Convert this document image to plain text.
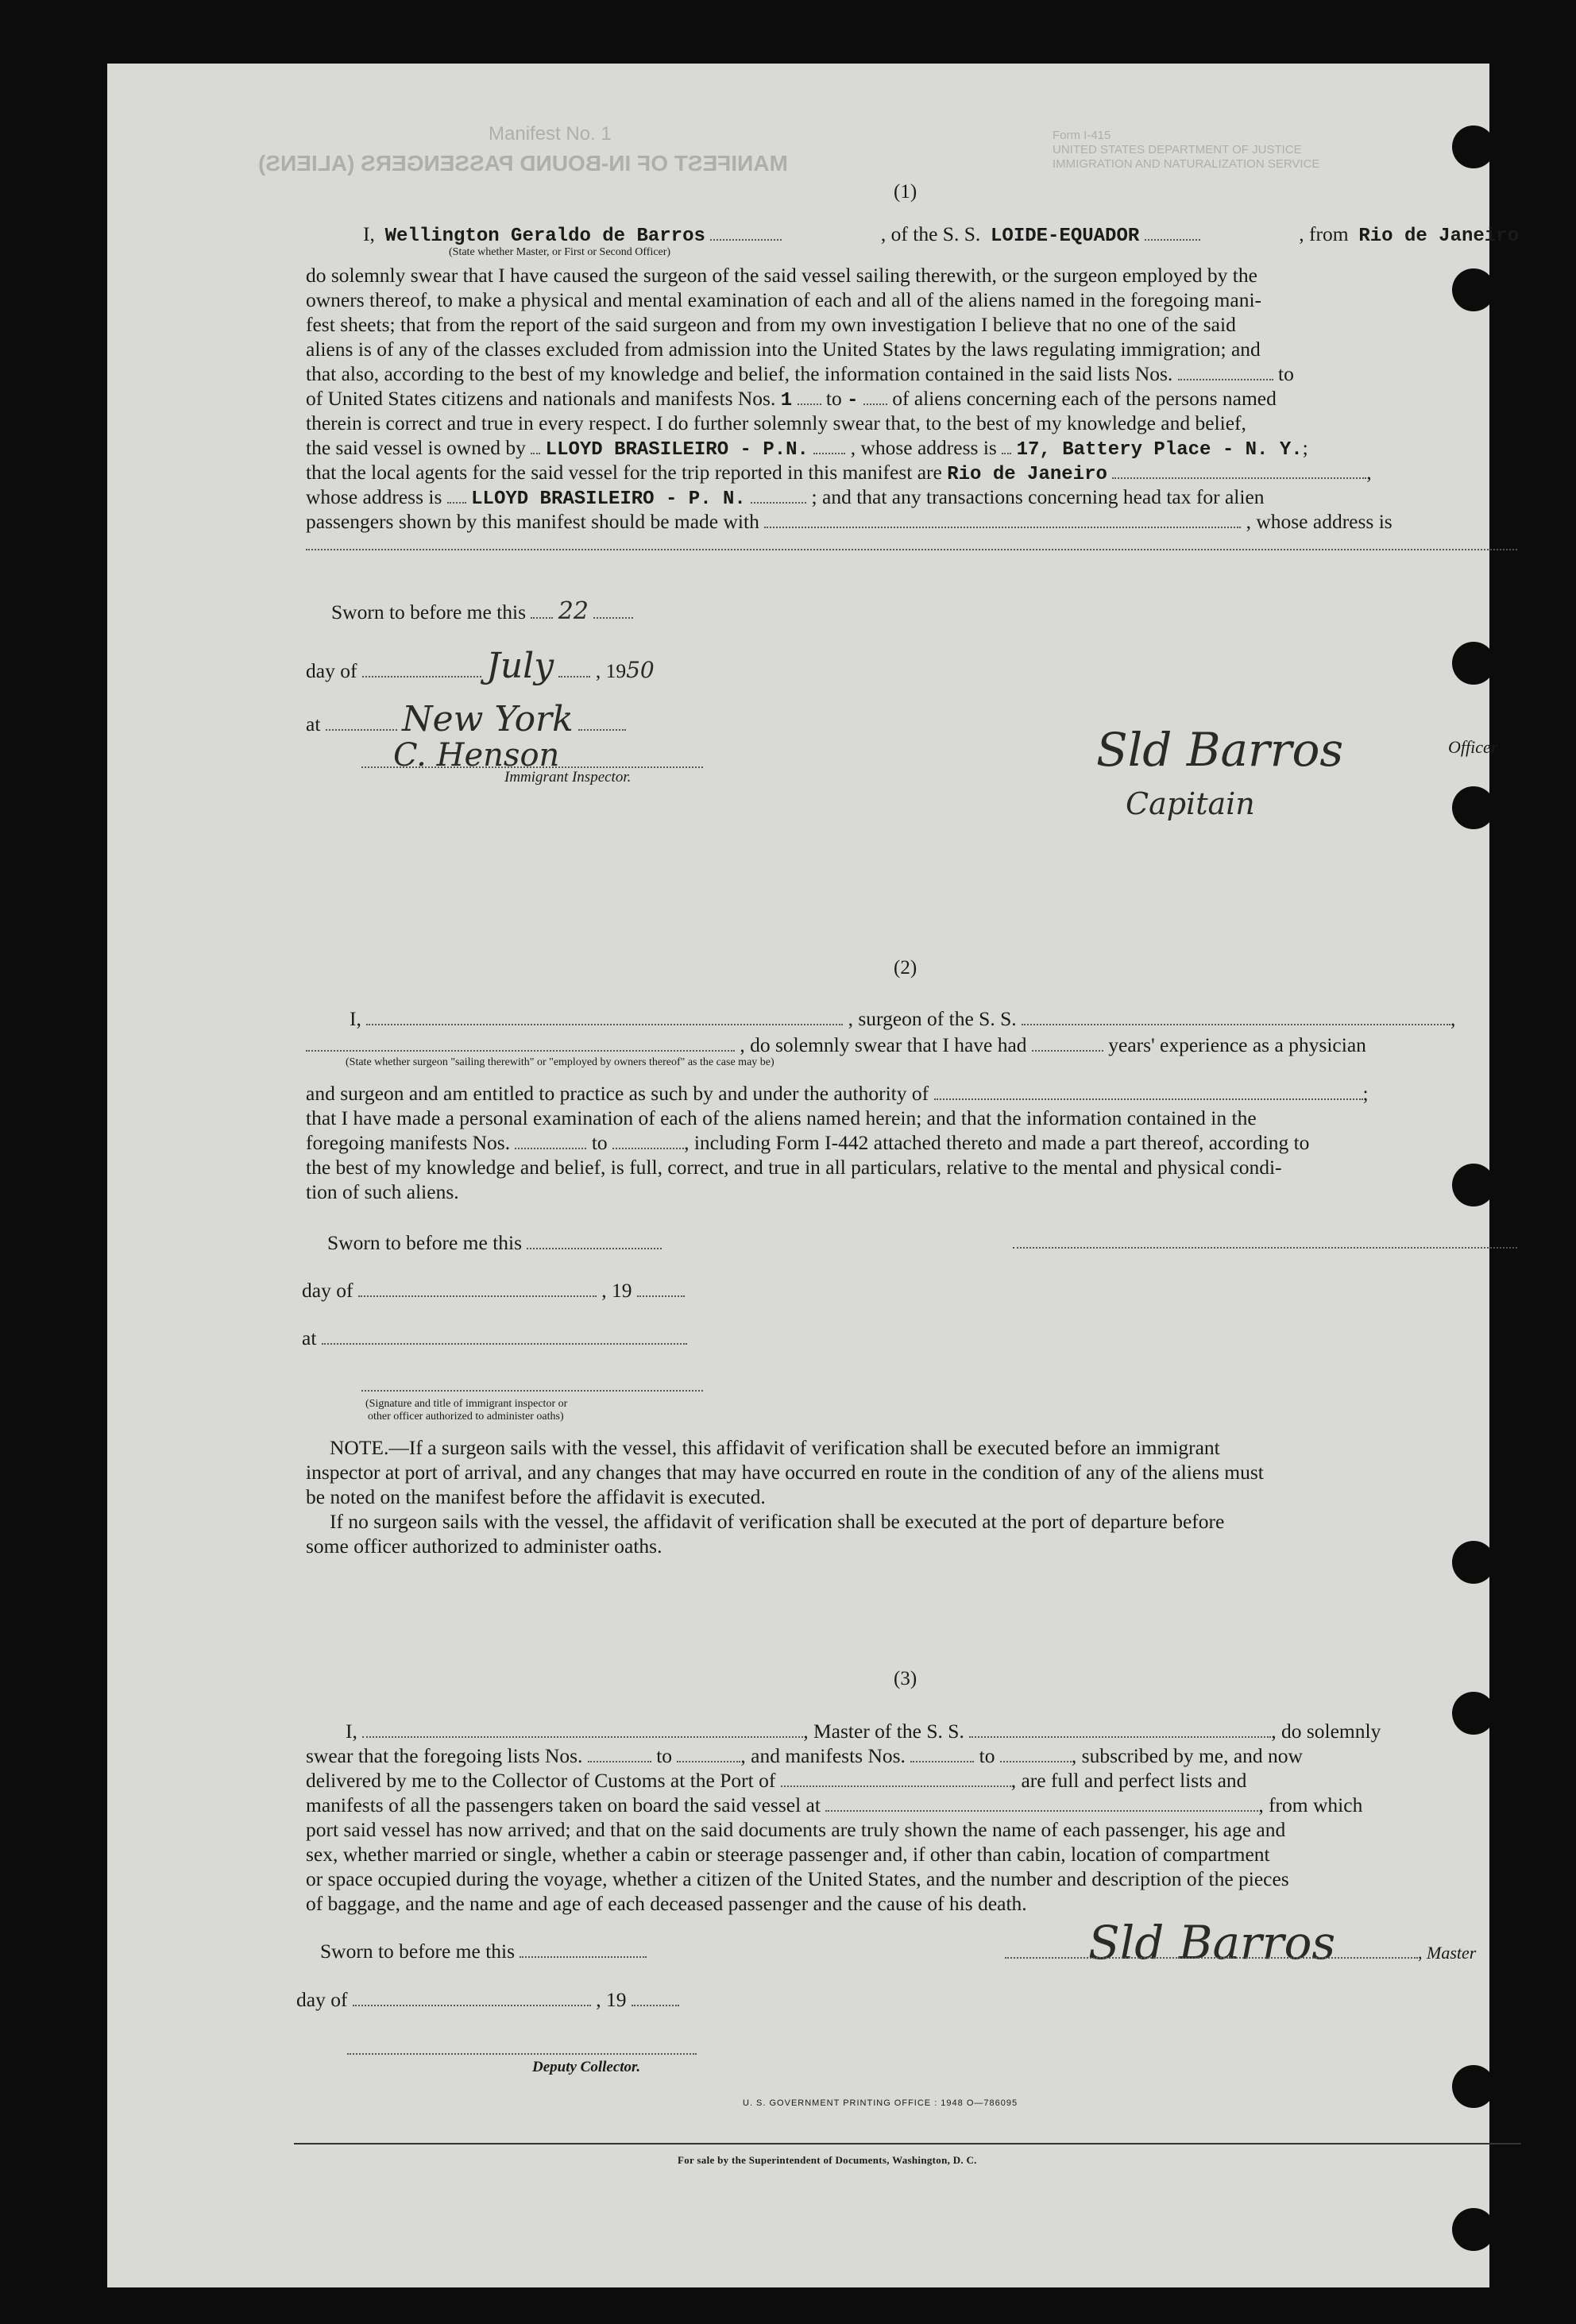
Manifest No. 1
MANIFEST OF IN-BOUND PASSENGERS (ALIENS)
Form I-415
UNITED STATES DEPARTMENT OF JUSTICE
IMMIGRATION AND NATURALIZATION SERVICE
(1)
I, Wellington Geraldo de Barros	, of the S. S. LOIDE-EQUADOR	, from Rio de Janeiro
(State whether Master, or First or Second Officer)
do solemnly swear that I have caused the surgeon of the said vessel sailing therewith, or the surgeon employed by the
owners thereof, to make a physical and mental examination of each and all of the aliens named in the foregoing mani-
fest sheets; that from the report of the said surgeon and from my own investigation I believe that no one of the said
aliens is of any of the classes excluded from admission into the United States by the laws regulating immigration; and
that also, according to the best of my knowledge and belief, the information contained in the said lists Nos.	to
of United States citizens and nationals and manifests Nos. 1 to - of aliens concerning each of the persons named
therein is correct and true in every respect. I do further solemnly swear that, to the best of my knowledge and belief,
the said vessel is owned by LLOYD BRASILEIRO - P.N. , whose address is 17, Battery Place - N. Y.;
that the local agents for the said vessel for the trip reported in this manifest are Rio de Janeiro	,
whose address is LLOYD BRASILEIRO - P. N.	; and that any transactions concerning head tax for alien
passengers shown by this manifest should be made with	, whose address is
Sworn to before me this 22
day of	July , 1950
at New York
C. Henson
Immigrant Inspector.
Sld Barros
Capitain
Officer
(2)
I,	, surgeon of the S. S.	,
, do solemnly swear that I have had	years' experience as a physician
(State whether surgeon "sailing therewith" or "employed by owners thereof" as the case may be)
and surgeon and am entitled to practice as such by and under the authority of	;
that I have made a personal examination of each of the aliens named herein; and that the information contained in the
foregoing manifests Nos.	to	, including Form I-442 attached thereto and made a part thereof, according to
the best of my knowledge and belief, is full, correct, and true in all particulars, relative to the mental and physical condi-
tion of such aliens.
Sworn to before me this
day of	, 19
at
(Signature and title of immigrant inspector or
other officer authorized to administer oaths)
NOTE.—If a surgeon sails with the vessel, this affidavit of verification shall be executed before an immigrant
inspector at port of arrival, and any changes that may have occurred en route in the condition of any of the aliens must
be noted on the manifest before the affidavit is executed.
If no surgeon sails with the vessel, the affidavit of verification shall be executed at the port of departure before
some officer authorized to administer oaths.
(3)
I,	, Master of the S. S.	, do solemnly
swear that the foregoing lists Nos.	to	, and manifests Nos.	to	, subscribed by me, and now
delivered by me to the Collector of Customs at the Port of	, are full and perfect lists and
manifests of all the passengers taken on board the said vessel at	, from which
port said vessel has now arrived; and that on the said documents are truly shown the name of each passenger, his age and
sex, whether married or single, whether a cabin or steerage passenger and, if other than cabin, location of compartment
or space occupied during the voyage, whether a citizen of the United States, and the number and description of the pieces
of baggage, and the name and age of each deceased passenger and the cause of his death.
Sworn to before me this
day of	, 19
Deputy Collector.
Sld Barros	, Master
U. S. GOVERNMENT PRINTING OFFICE : 1948 O—786095
For sale by the Superintendent of Documents, Washington, D. C.
